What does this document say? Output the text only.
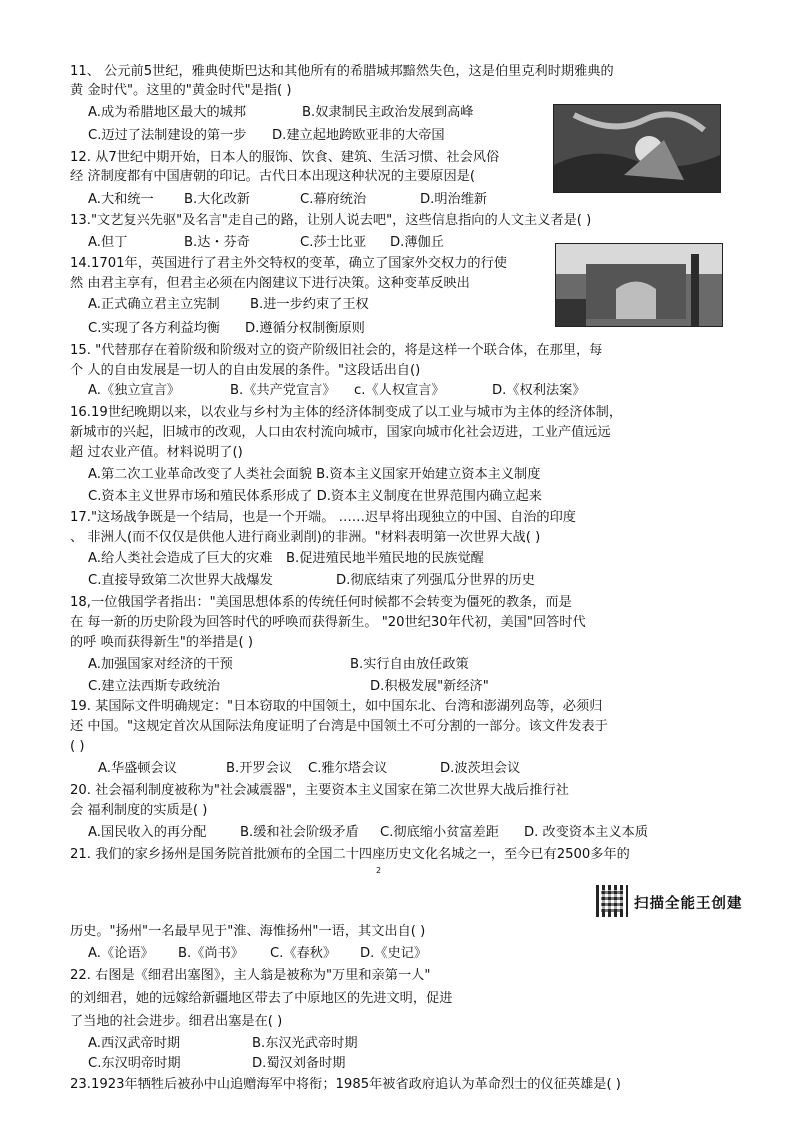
11、 公元前5世纪，雅典使斯巴达和其他所有的希腊城邦黯然失色，这是伯里克利时期雅典的
黄 金时代"。这里的"黄金时代"是指( )
A.成为希腊地区最大的城邦	B.奴隶制民主政治发展到高峰
C.迈过了法制建设的第一步 D.建立起地跨欧亚非的大帝国
12. 从7世纪中期开始，日本人的服饰、饮食、建筑、生活习惯、社会风俗
经 济制度都有中国唐朝的印记。古代日本出现这种状况的主要原因是(
A.大和统一 B.大化改新	C.幕府统治	D.明治维新
13."文艺复兴先驱"及名言"走自己的路，让别人说去吧"，这些信息指向的人文主义者是( )
A.但丁	B.达・芬奇	C.莎士比亚 D.薄伽丘
14.1701年，英国进行了君主外交特权的变革，确立了国家外交权力的行使
然 由君主享有，但君主必须在内阁建议下进行决策。这种变革反映出
A.正式确立君主立宪制 B.进一步约束了王权
C.实现了各方利益均衡 D.遵循分权制衡原则
15. "代替那存在着阶级和阶级对立的资产阶级旧社会的，将是这样一个联合体，在那里，每
个 人的自由发展是一切人的自由发展的条件。"这段话出自()
A.《独立宣言》	B.《共产党宣言》 c.《人权宣言》	D.《权利法案》
16.19世纪晚期以来，以农业与乡村为主体的经济体制变成了以工业与城市为主体的经济体制，
新城市的兴起，旧城市的改观，人口由农村流向城市，国家向城市化社会迈进，工业产值远远
超 过农业产值。材料说明了()
A.第二次工业革命改变了人类社会面貌 B.资本主义国家开始建立资本主义制度
C.资本主义世界市场和殖民体系形成了 D.资本主义制度在世界范围内确立起来
17."这场战争既是一个结局，也是一个开端。 ……迟早将出现独立的中国、自治的印度
、 非洲人(而不仅仅是供他人进行商业剥削)的非洲。"材料表明第一次世界大战( )
A.给人类社会造成了巨大的灾难 B.促进殖民地半殖民地的民族觉醒
C.直接导致第二次世界大战爆发	D.彻底结束了列强瓜分世界的历史
18,一位俄国学者指出："美国思想体系的传统任何时候都不会转变为僵死的教条，而是
在 每一新的历史阶段为回答时代的呼唤而获得新生。 "20世纪30年代初，美国"回答时代
的呼 唤而获得新生"的举措是( )
A.加强国家对经济的干预	B.实行自由放任政策
C.建立法西斯专政统治	D.积极发展"新经济"
19. 某国际文件明确规定："日本窃取的中国领土，如中国东北、台湾和澎湖列岛等，必须归
还 中国。"这规定首次从国际法角度证明了台湾是中国领土不可分割的一部分。该文件发表于
( )
A.华盛顿会议	B.开罗会议 C.雅尔塔会议	D.波茨坦会议
20. 社会福利制度被称为"社会减震器"，主要资本主义国家在第二次世界大战后推行社
会 福利制度的实质是( )
A.国民收入的再分配	B.缓和社会阶级矛盾 C.彻底缩小贫富差距 D. 改变资本主义本质
21. 我们的家乡扬州是国务院首批颁布的全国二十四座历史文化名城之一，至今已有2500多年的
2
扫描全能王创建
历史。"扬州"一名最早见于"淮、海惟扬州"一语，其文出自( )
A.《论语》 B.《尚书》 C.《春秋》 D.《史记》
22. 右图是《细君出塞图》，主人翁是被称为"万里和亲第一人"
的刘细君，她的远嫁给新疆地区带去了中原地区的先进文明，促进
了当地的社会进步。细君出塞是在( )
A.西汉武帝时期	B.东汉光武帝时期
C.东汉明帝时期	D.蜀汉刘备时期
23.1923年牺牲后被孙中山追赠海军中将衔；1985年被省政府追认为革命烈士的仪征英雄是( )
